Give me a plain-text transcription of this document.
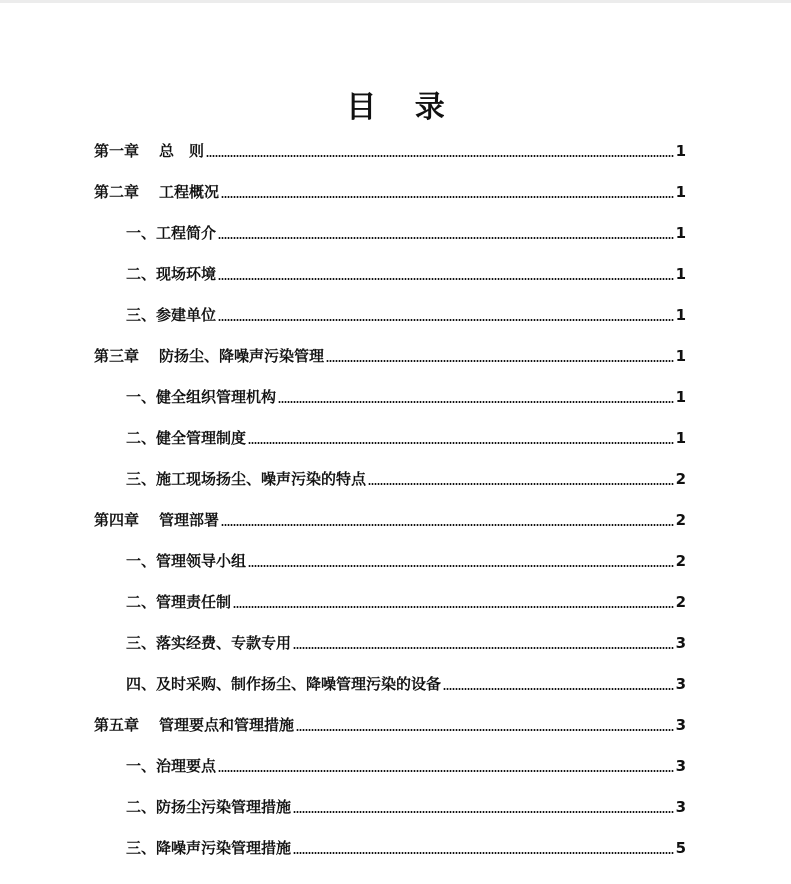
目 录
第一章 总　则	1
第二章 工程概况	1
一、工程简介	1
二、现场环境	1
三、参建单位	1
第三章 防扬尘、降噪声污染管理	1
一、健全组织管理机构	1
二、健全管理制度	1
三、施工现场扬尘、噪声污染的特点	2
第四章 管理部署	2
一、管理领导小组	2
二、管理责任制	2
三、落实经费、专款专用	3
四、及时采购、制作扬尘、降噪管理污染的设备	3
第五章 管理要点和管理措施	3
一、治理要点	3
二、防扬尘污染管理措施	3
三、降噪声污染管理措施	5
